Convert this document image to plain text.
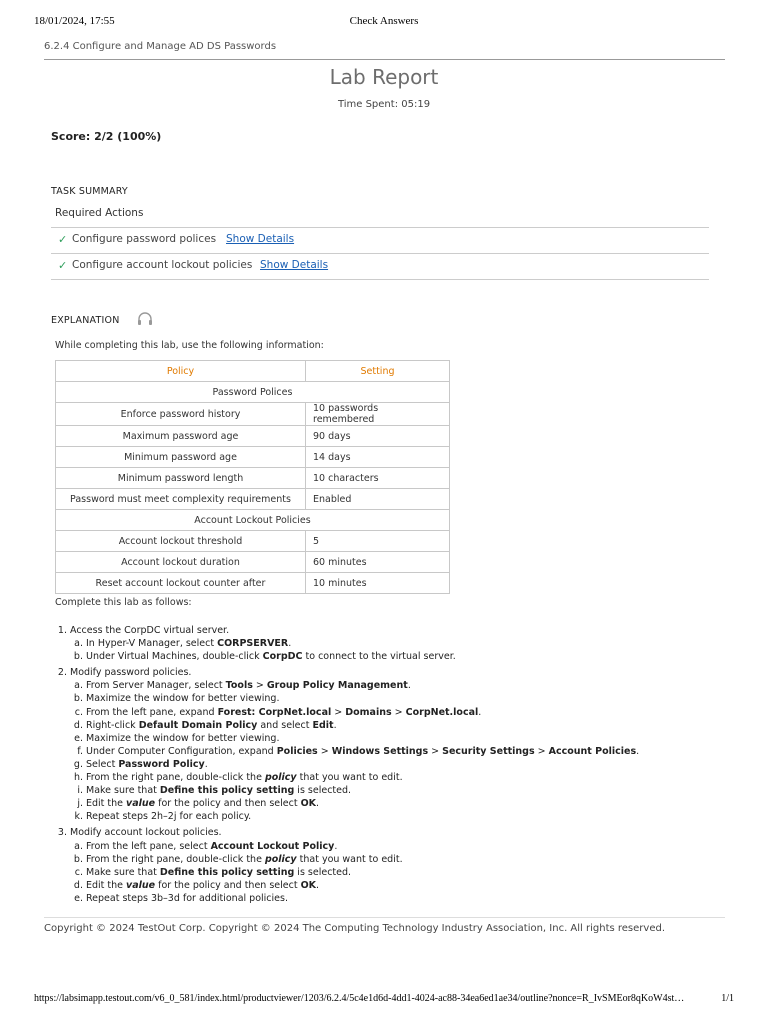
18/01/2024, 17:55	Check Answers
6.2.4 Configure and Manage AD DS Passwords
Lab Report
Time Spent: 05:19
Score: 2/2 (100%)
TASK SUMMARY
Required Actions
✓ Configure password polices Show Details
✓ Configure account lockout policies Show Details
EXPLANATION
While completing this lab, use the following information:
Policy	Setting
Password Polices	
Enforce password history	10 passwords remembered
Maximum password age	90 days
Minimum password age	14 days
Minimum password length	10 characters
Password must meet complexity requirements	Enabled
Account Lockout Policies	
Account lockout threshold	5
Account lockout duration	60 minutes
Reset account lockout counter after	10 minutes
Complete this lab as follows:
1. Access the CorpDC virtual server.
a. In Hyper-V Manager, select CORPSERVER.
b. Under Virtual Machines, double-click CorpDC to connect to the virtual server.
2. Modify password policies.
a. From Server Manager, select Tools > Group Policy Management.
b. Maximize the window for better viewing.
c. From the left pane, expand Forest: CorpNet.local > Domains > CorpNet.local.
d. Right-click Default Domain Policy and select Edit.
e. Maximize the window for better viewing.
f. Under Computer Configuration, expand Policies > Windows Settings > Security Settings > Account Policies.
g. Select Password Policy.
h. From the right pane, double-click the policy that you want to edit.
i. Make sure that Define this policy setting is selected.
j. Edit the value for the policy and then select OK.
k. Repeat steps 2h–2j for each policy.
3. Modify account lockout policies.
a. From the left pane, select Account Lockout Policy.
b. From the right pane, double-click the policy that you want to edit.
c. Make sure that Define this policy setting is selected.
d. Edit the value for the policy and then select OK.
e. Repeat steps 3b–3d for additional policies.
Copyright © 2024 TestOut Corp. Copyright © 2024 The Computing Technology Industry Association, Inc. All rights reserved.
https://labsimapp.testout.com/v6_0_581/index.html/productviewer/1203/6.2.4/5c4e1d6d-4dd1-4024-ac88-34ea6ed1ae34/outline?nonce=R_IvSMEor8qKoW4st…	1/1
